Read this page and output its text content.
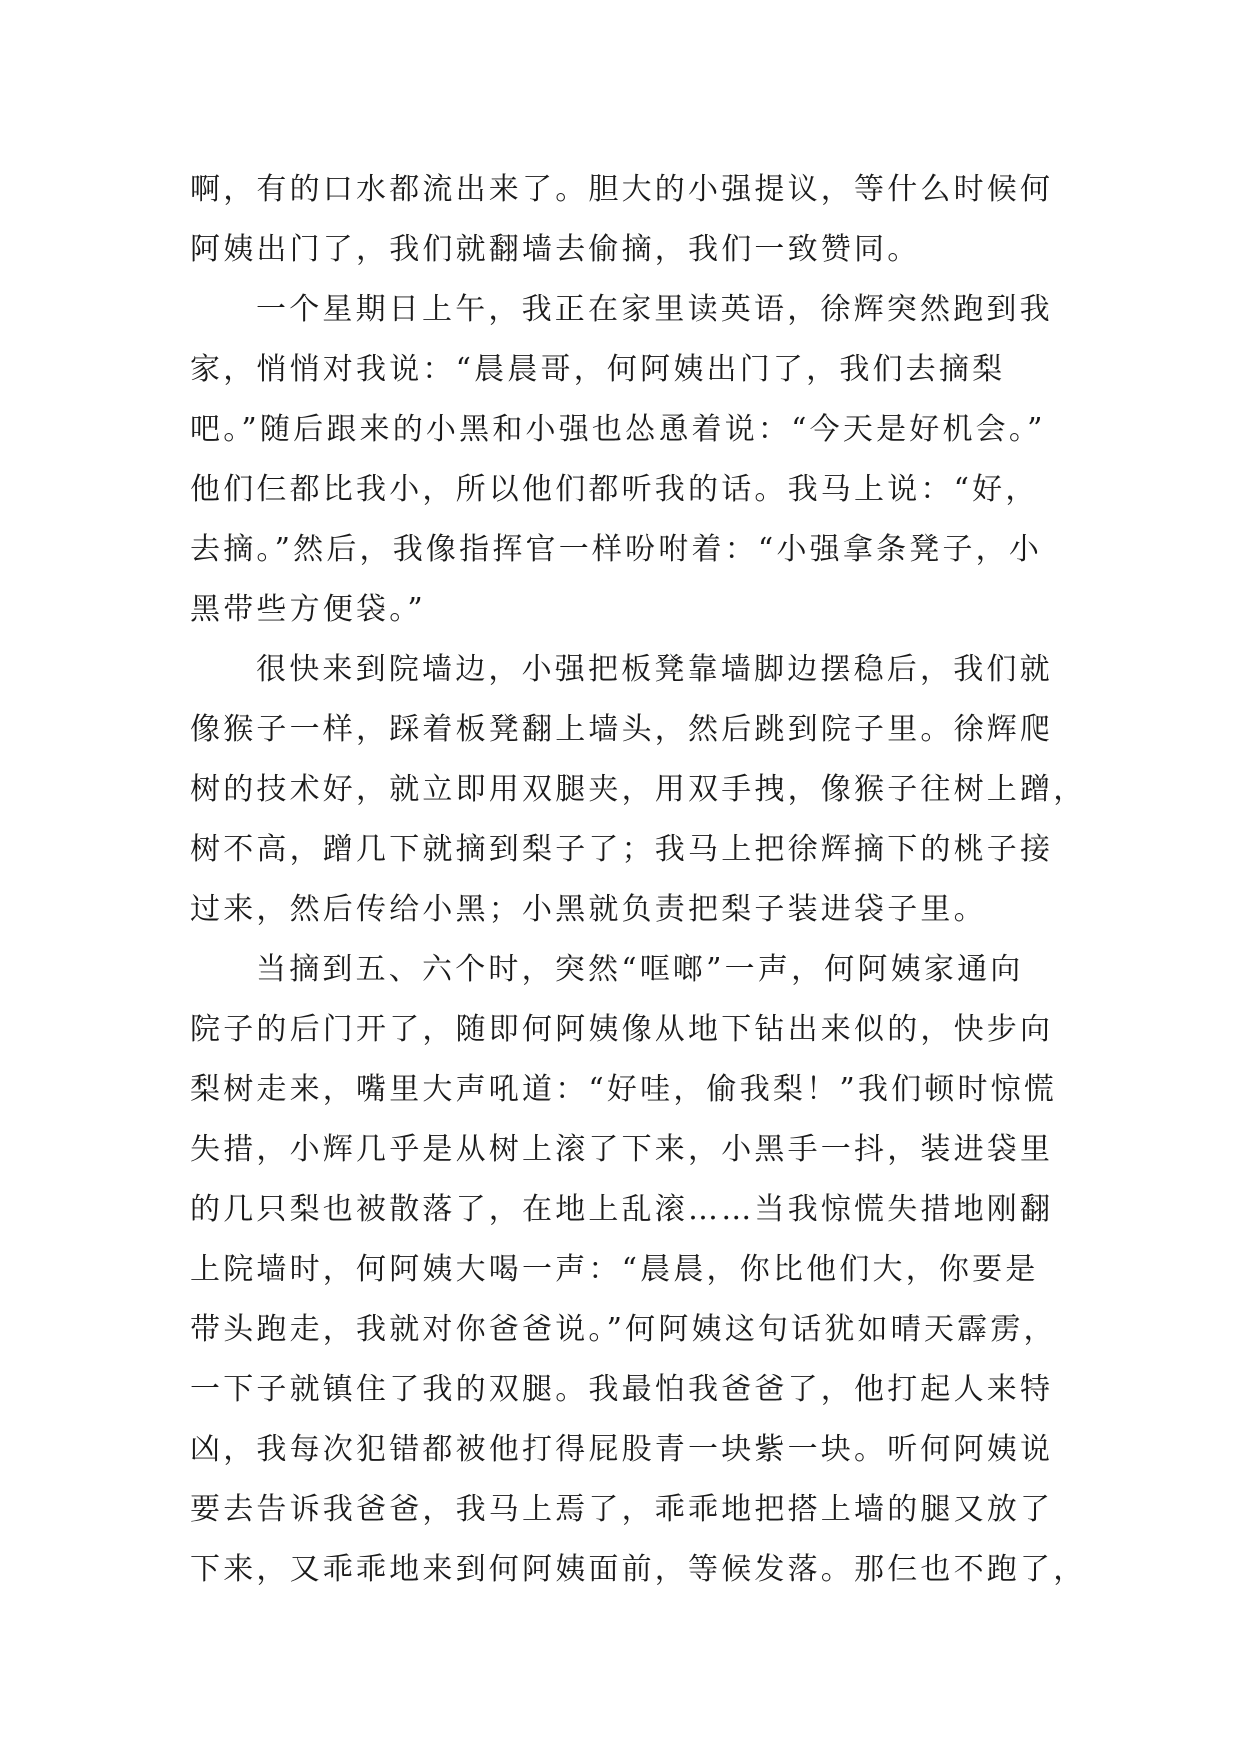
啊，有的口水都流出来了。胆大的小强提议，等什么时候何
阿姨出门了，我们就翻墙去偷摘，我们一致赞同。
一个星期日上午，我正在家里读英语，徐辉突然跑到我
家，悄悄对我说：“晨晨哥，何阿姨出门了，我们去摘梨
吧。”随后跟来的小黑和小强也怂恿着说：“今天是好机会。”
他们仨都比我小，所以他们都听我的话。我马上说：“好，
去摘。”然后，我像指挥官一样吩咐着：“小强拿条凳子，小
黑带些方便袋。”
很快来到院墙边，小强把板凳靠墙脚边摆稳后，我们就
像猴子一样，踩着板凳翻上墙头，然后跳到院子里。徐辉爬
树的技术好，就立即用双腿夹，用双手拽，像猴子往树上蹭，
树不高，蹭几下就摘到梨子了；我马上把徐辉摘下的桃子接
过来，然后传给小黑；小黑就负责把梨子装进袋子里。
当摘到五、六个时，突然“哐啷”一声，何阿姨家通向
院子的后门开了，随即何阿姨像从地下钻出来似的，快步向
梨树走来，嘴里大声吼道：“好哇，偷我梨！”我们顿时惊慌
失措，小辉几乎是从树上滚了下来，小黑手一抖，装进袋里
的几只梨也被散落了，在地上乱滚……当我惊慌失措地刚翻
上院墙时，何阿姨大喝一声：“晨晨，你比他们大，你要是
带头跑走，我就对你爸爸说。”何阿姨这句话犹如晴天霹雳，
一下子就镇住了我的双腿。我最怕我爸爸了，他打起人来特
凶，我每次犯错都被他打得屁股青一块紫一块。听何阿姨说
要去告诉我爸爸，我马上焉了，乖乖地把搭上墙的腿又放了
下来，又乖乖地来到何阿姨面前，等候发落。那仨也不跑了，
